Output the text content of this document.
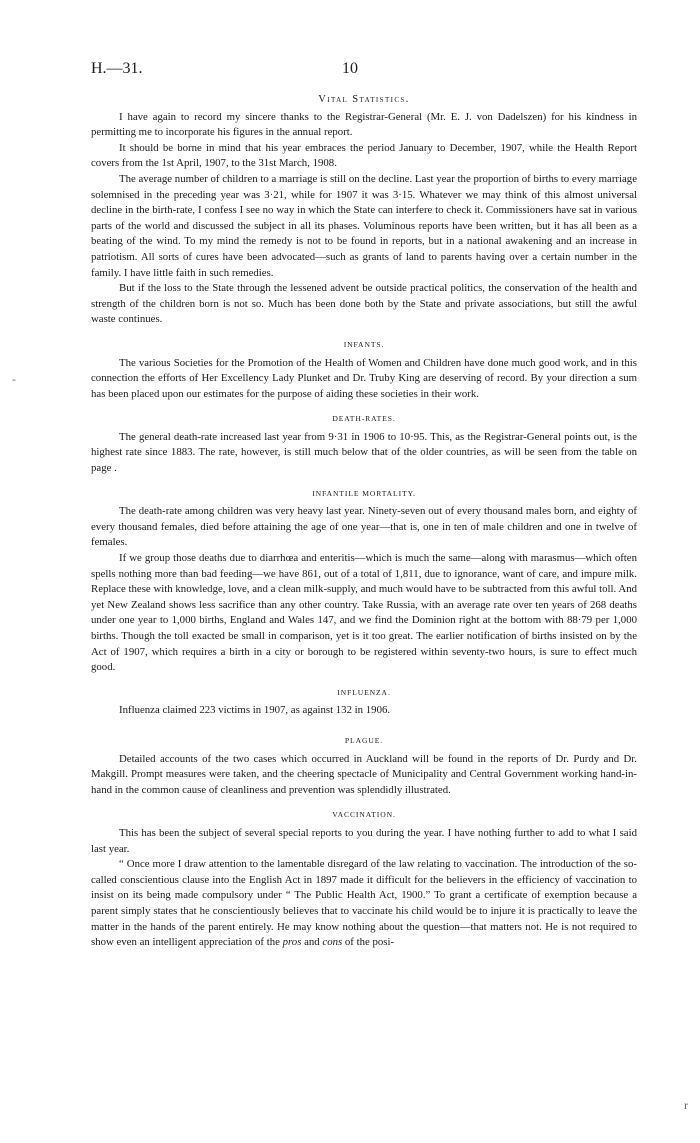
H.—31.	10
Vital Statistics.

I have again to record my sincere thanks to the Registrar-General (Mr. E. J. von Dadelszen) for his kindness in permitting me to incorporate his figures in the annual report.

It should be borne in mind that his year embraces the period January to December, 1907, while the Health Report covers from the 1st April, 1907, to the 31st March, 1908.

The average number of children to a marriage is still on the decline. Last year the proportion of births to every marriage solemnised in the preceding year was 3·21, while for 1907 it was 3·15. Whatever we may think of this almost universal decline in the birth-rate, I confess I see no way in which the State can interfere to check it. Commissioners have sat in various parts of the world and discussed the subject in all its phases. Voluminous reports have been written, but it has all been as a beating of the wind. To my mind the remedy is not to be found in reports, but in a national awakening and an increase in patriotism. All sorts of cures have been advocated—such as grants of land to parents having over a certain number in the family. I have little faith in such remedies.

But if the loss to the State through the lessened advent be outside practical politics, the conservation of the health and strength of the children born is not so. Much has been done both by the State and private associations, but still the awful waste continues.

INFANTS.

The various Societies for the Promotion of the Health of Women and Children have done much good work, and in this connection the efforts of Her Excellency Lady Plunket and Dr. Truby King are deserving of record. By your direction a sum has been placed upon our estimates for the purpose of aiding these societies in their work.

DEATH-RATES.

The general death-rate increased last year from 9·31 in 1906 to 10·95. This, as the Registrar-General points out, is the highest rate since 1883. The rate, however, is still much below that of the older countries, as will be seen from the table on page .

INFANTILE MORTALITY.

The death-rate among children was very heavy last year. Ninety-seven out of every thousand males born, and eighty of every thousand females, died before attaining the age of one year—that is, one in ten of male children and one in twelve of females.

If we group those deaths due to diarrhœa and enteritis—which is much the same—along with marasmus—which often spells nothing more than bad feeding—we have 861, out of a total of 1,811, due to ignorance, want of care, and impure milk. Replace these with knowledge, love, and a clean milk-supply, and much would have to be subtracted from this awful toll. And yet New Zealand shows less sacrifice than any other country. Take Russia, with an average rate over ten years of 268 deaths under one year to 1,000 births, England and Wales 147, and we find the Dominion right at the bottom with 88·79 per 1,000 births. Though the toll exacted be small in comparison, yet is it too great. The earlier notification of births insisted on by the Act of 1907, which requires a birth in a city or borough to be registered within seventy-two hours, is sure to effect much good.

INFLUENZA.

Influenza claimed 223 victims in 1907, as against 132 in 1906.

PLAGUE.

Detailed accounts of the two cases which occurred in Auckland will be found in the reports of Dr. Purdy and Dr. Makgill. Prompt measures were taken, and the cheering spectacle of Municipality and Central Government working hand-in-hand in the common cause of cleanliness and prevention was splendidly illustrated.

VACCINATION.

This has been the subject of several special reports to you during the year. I have nothing further to add to what I said last year.

“ Once more I draw attention to the lamentable disregard of the law relating to vaccination. The introduction of the so-called conscientious clause into the English Act in 1897 made it difficult for the believers in the efficiency of vaccination to insist on its being made compulsory under “ The Public Health Act, 1900.” To grant a certificate of exemption because a parent simply states that he conscientiously believes that to vaccinate his child would be to injure it is practically to leave the matter in the hands of the parent entirely. He may know nothing about the question—that matters not. He is not required to show even an intelligent appreciation of the pros and cons of the posi-

-
r
